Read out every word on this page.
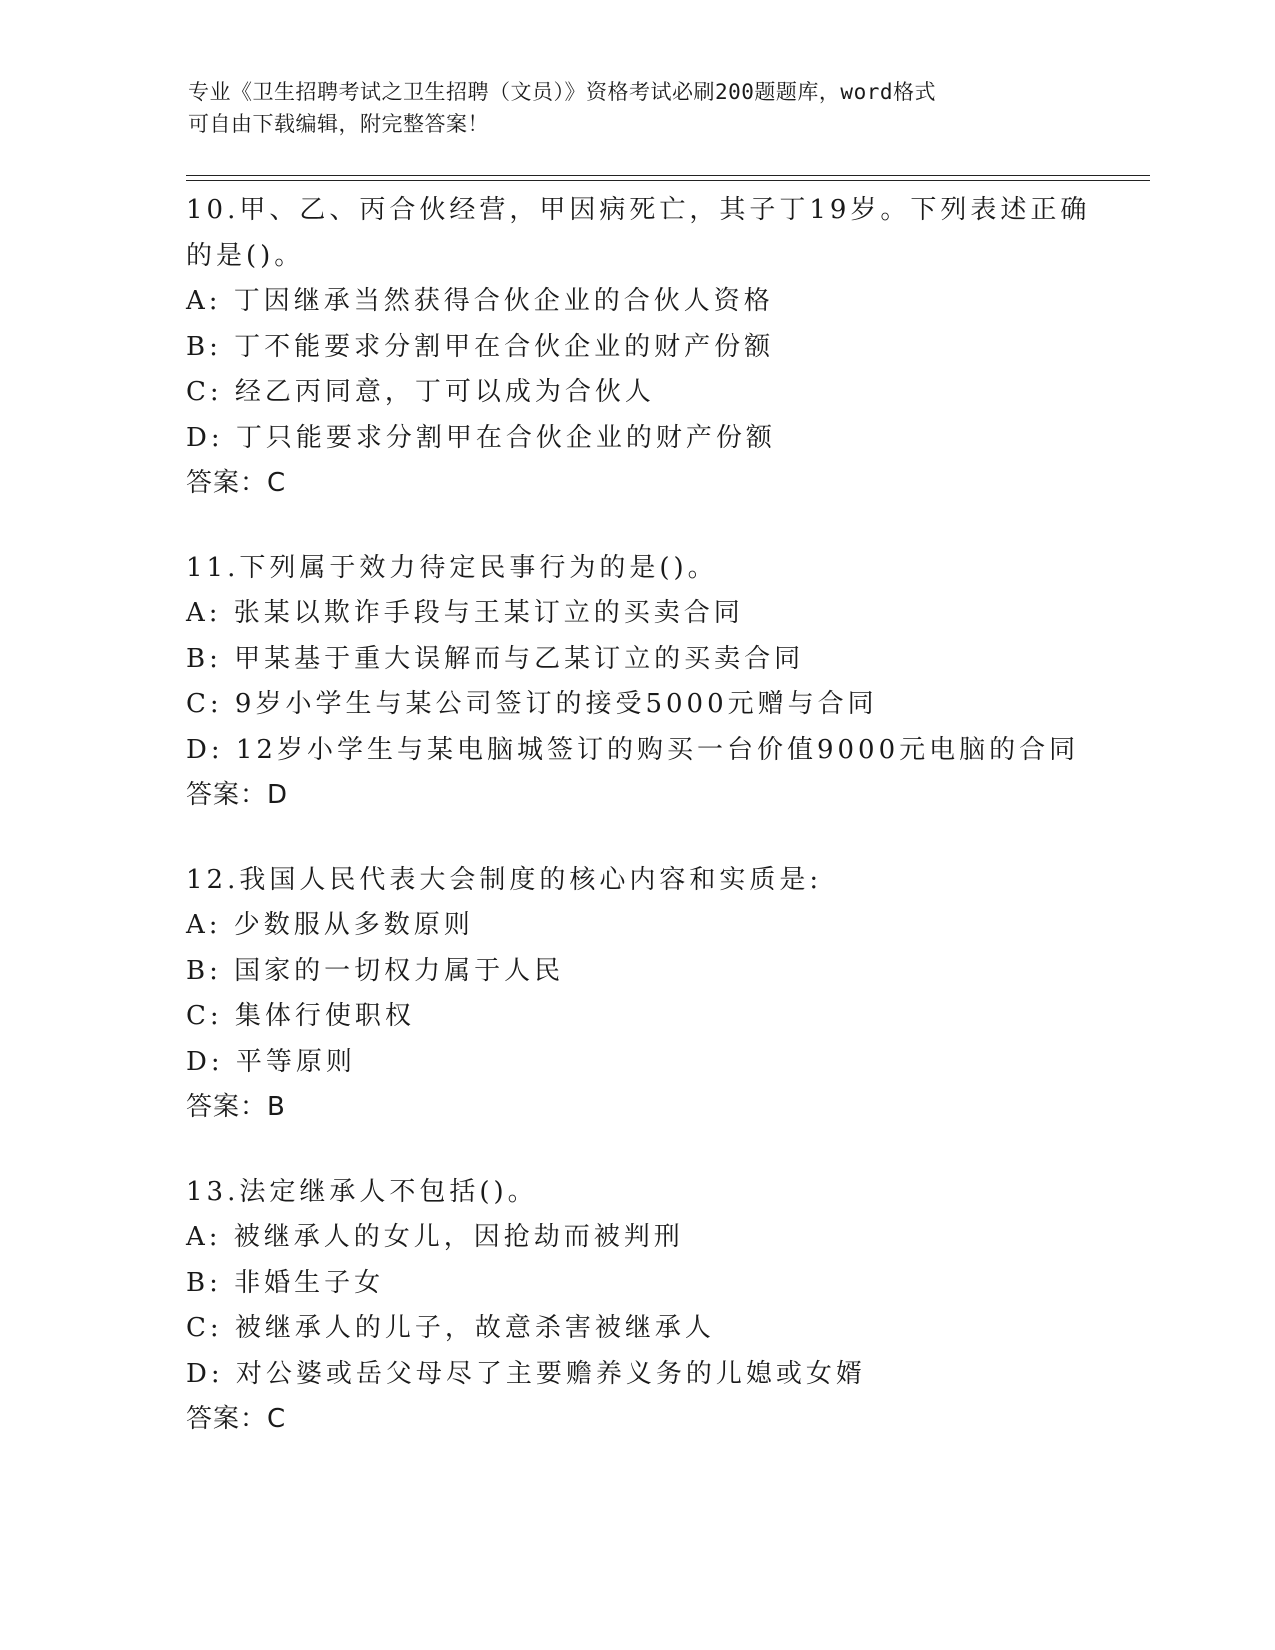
专业《卫生招聘考试之卫生招聘（文员）》资格考试必刷200题题库，word格式
可自由下载编辑，附完整答案！
10.甲、乙、丙合伙经营，甲因病死亡，其子丁19岁。下列表述正确
的是()。
A: 丁因继承当然获得合伙企业的合伙人资格
B: 丁不能要求分割甲在合伙企业的财产份额
C: 经乙丙同意，丁可以成为合伙人
D: 丁只能要求分割甲在合伙企业的财产份额
答案：C
11.下列属于效力待定民事行为的是()。
A: 张某以欺诈手段与王某订立的买卖合同
B: 甲某基于重大误解而与乙某订立的买卖合同
C: 9岁小学生与某公司签订的接受5000元赠与合同
D: 12岁小学生与某电脑城签订的购买一台价值9000元电脑的合同
答案：D
12.我国人民代表大会制度的核心内容和实质是:
A: 少数服从多数原则
B: 国家的一切权力属于人民
C: 集体行使职权
D: 平等原则
答案：B
13.法定继承人不包括()。
A: 被继承人的女儿，因抢劫而被判刑
B: 非婚生子女
C: 被继承人的儿子，故意杀害被继承人
D: 对公婆或岳父母尽了主要赡养义务的儿媳或女婿
答案：C
